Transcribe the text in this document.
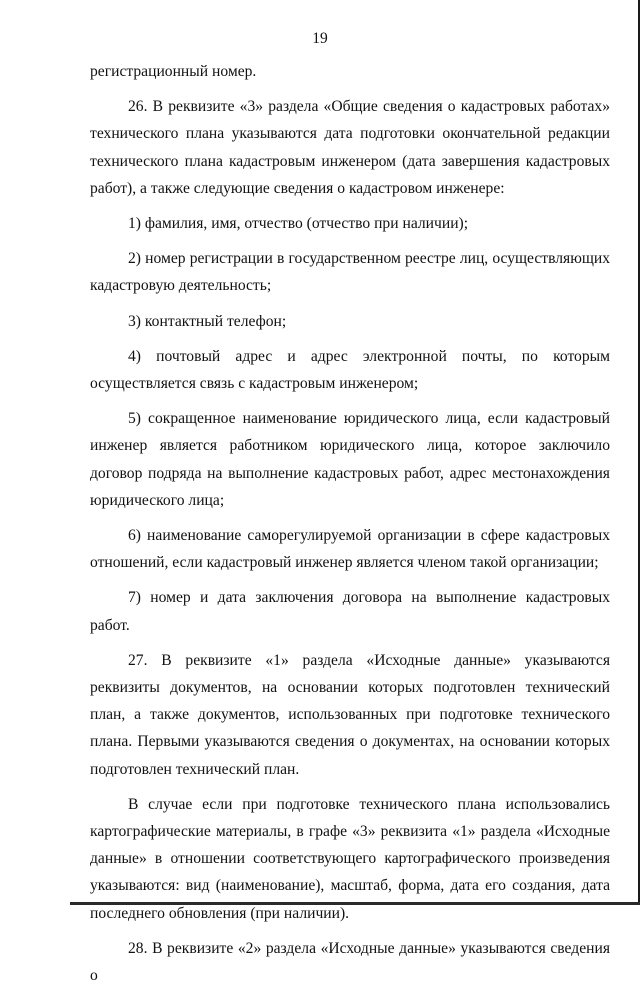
19

регистрационный номер.

26. В реквизите «3» раздела «Общие сведения о кадастровых работах» технического плана указываются дата подготовки окончательной редакции технического плана кадастровым инженером (дата завершения кадастровых работ), а также следующие сведения о кадастровом инженере:

1) фамилия, имя, отчество (отчество при наличии);

2) номер регистрации в государственном реестре лиц, осуществляющих кадастровую деятельность;

3) контактный телефон;

4) почтовый адрес и адрес электронной почты, по которым осуществляется связь с кадастровым инженером;

5) сокращенное наименование юридического лица, если кадастровый инженер является работником юридического лица, которое заключило договор подряда на выполнение кадастровых работ, адрес местонахождения юридического лица;

6) наименование саморегулируемой организации в сфере кадастровых отношений, если кадастровый инженер является членом такой организации;

7) номер и дата заключения договора на выполнение кадастровых работ.

27. В реквизите «1» раздела «Исходные данные» указываются реквизиты документов, на основании которых подготовлен технический план, а также документов, использованных при подготовке технического плана. Первыми указываются сведения о документах, на основании которых подготовлен технический план.

В случае если при подготовке технического плана использовались картографические материалы, в графе «3» реквизита «1» раздела «Исходные данные» в отношении соответствующего картографического произведения указываются: вид (наименование), масштаб, форма, дата его создания, дата последнего обновления (при наличии).

28. В реквизите «2» раздела «Исходные данные» указываются сведения о
